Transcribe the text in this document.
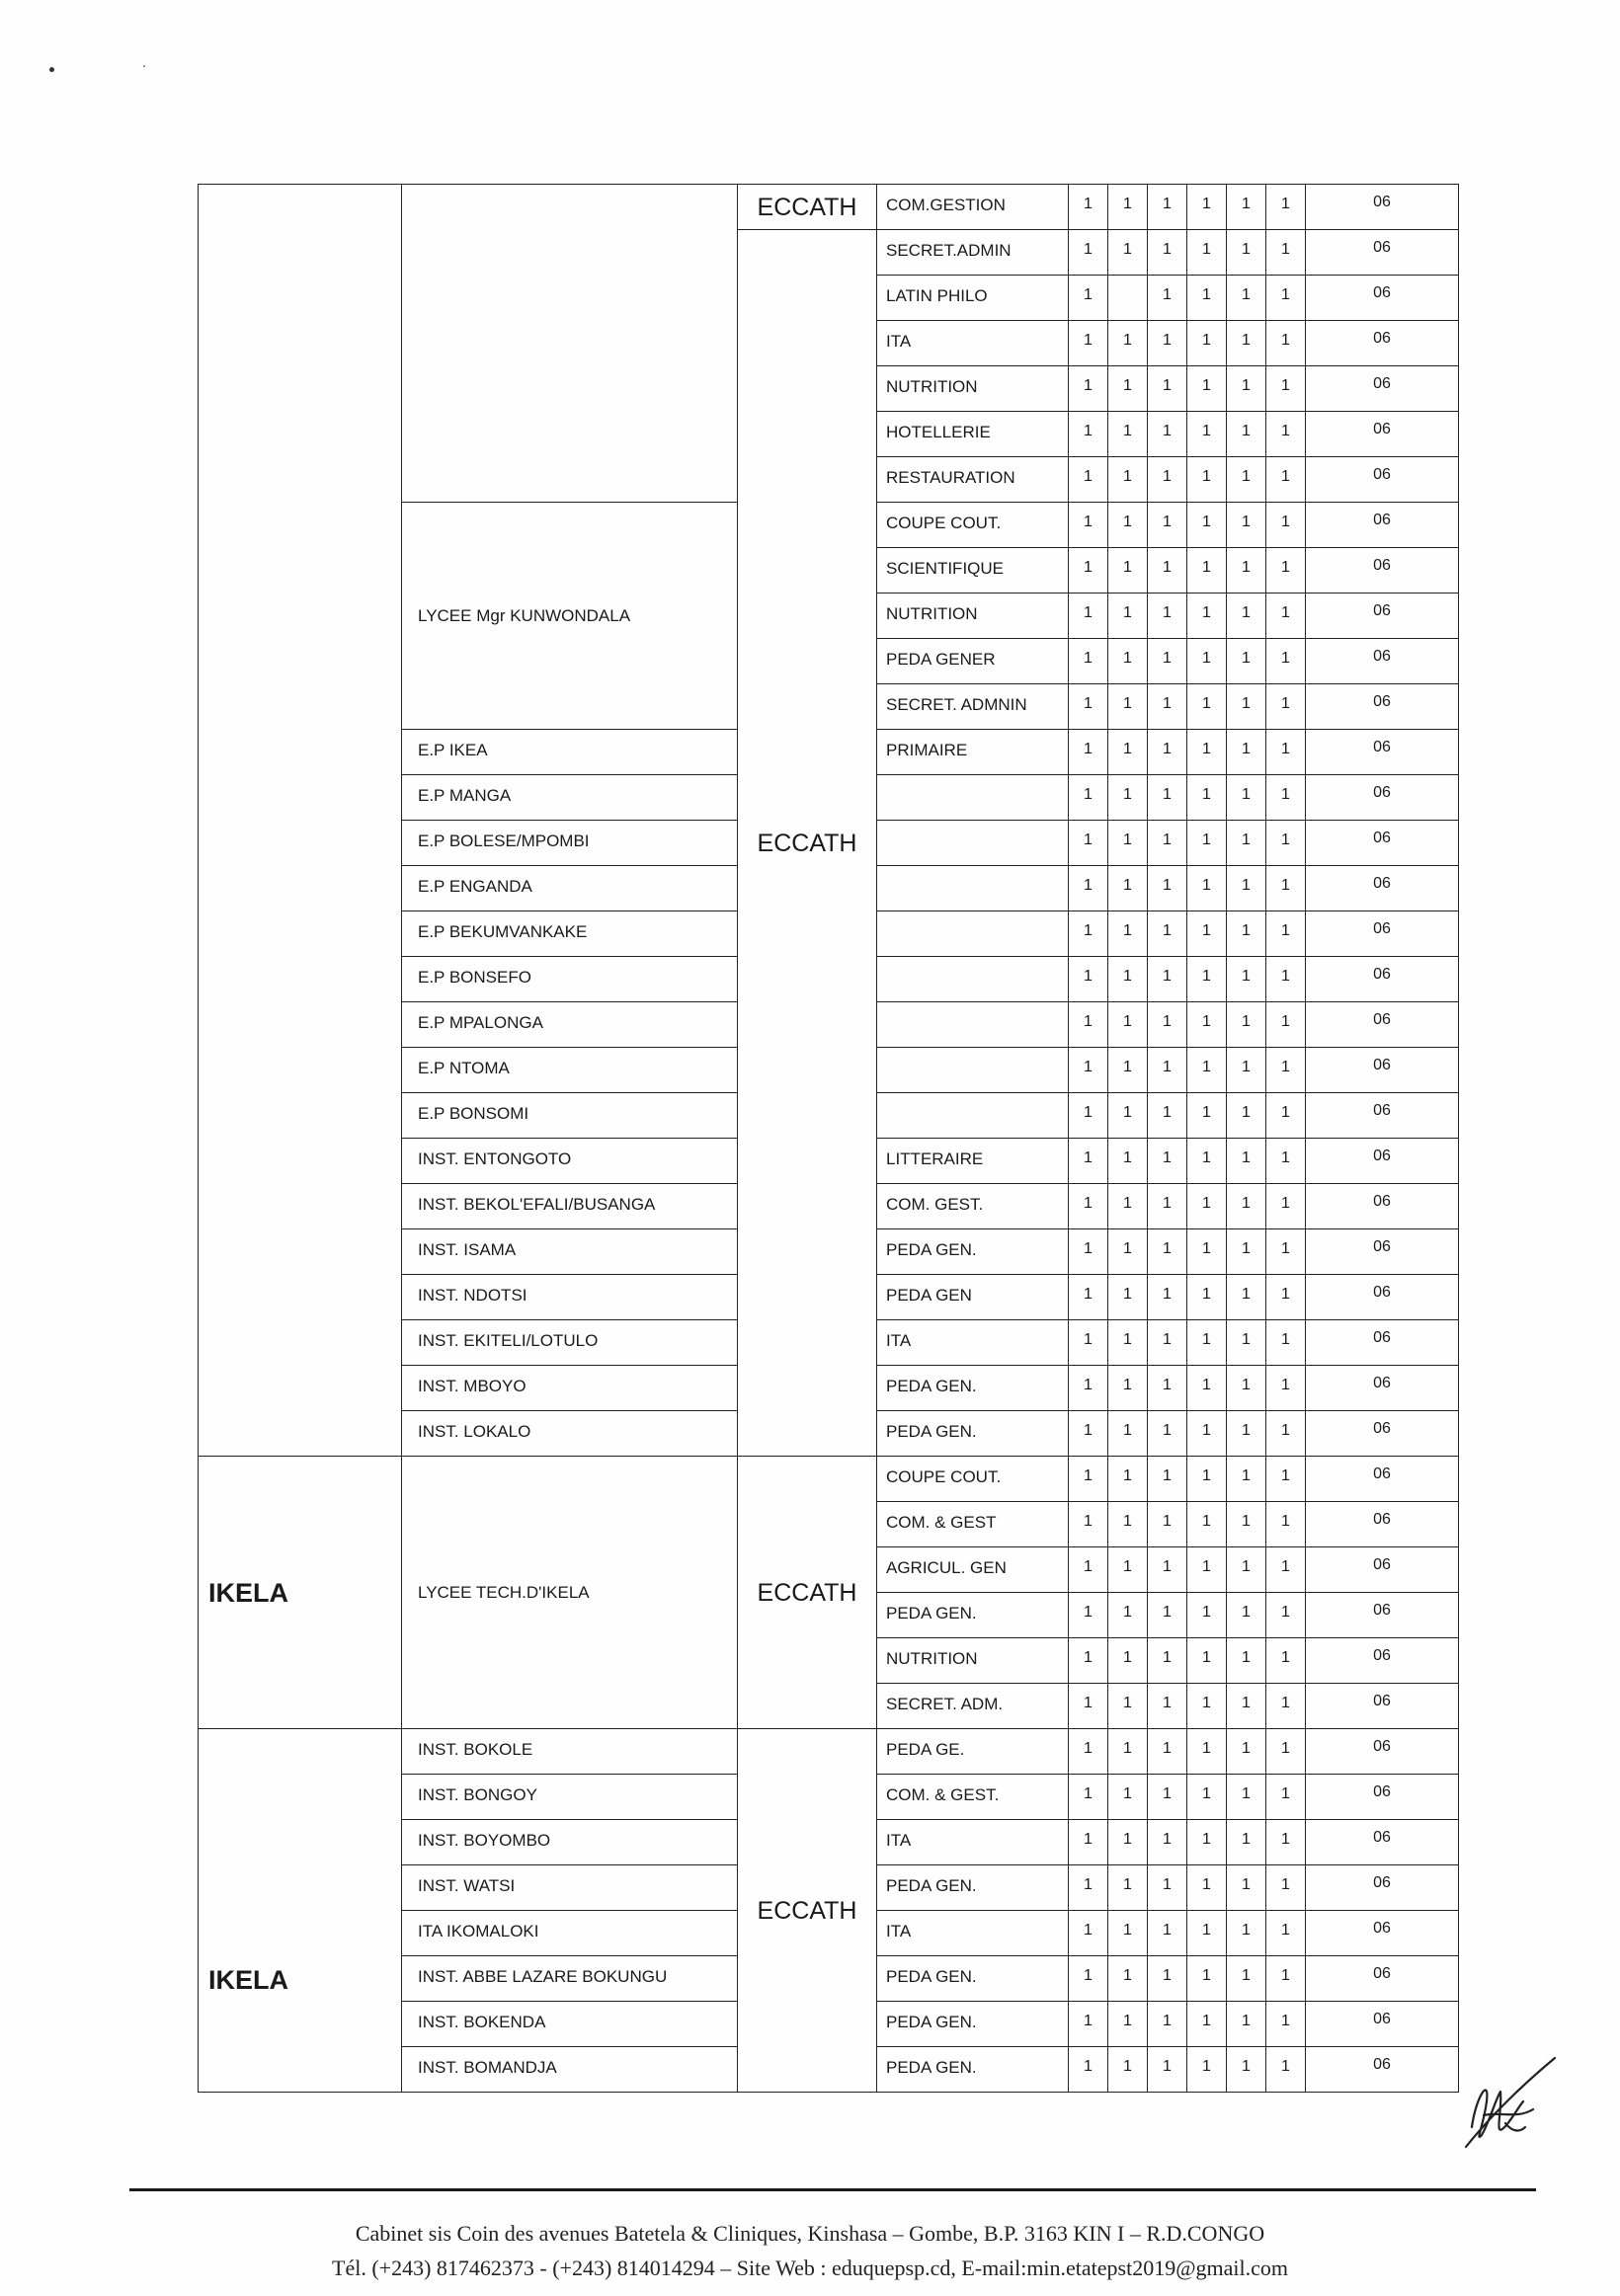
		ECCATH	COM.GESTION	1	1	1	1	1	1	06
		ECCATH	SECRET.ADMIN	1	1	1	1	1	1	06
			LATIN PHILO	1		1	1	1	1	06
			ITA	1	1	1	1	1	1	06
			NUTRITION	1	1	1	1	1	1	06
			HOTELLERIE	1	1	1	1	1	1	06
			RESTAURATION	1	1	1	1	1	1	06
	LYCEE Mgr KUNWONDALA		COUPE COUT.	1	1	1	1	1	1	06
			SCIENTIFIQUE	1	1	1	1	1	1	06
			NUTRITION	1	1	1	1	1	1	06
			PEDA GENER	1	1	1	1	1	1	06
			SECRET. ADMNIN	1	1	1	1	1	1	06
	E.P IKEA		PRIMAIRE	1	1	1	1	1	1	06
	E.P MANGA			1	1	1	1	1	1	06
	E.P BOLESE/MPOMBI			1	1	1	1	1	1	06
	E.P ENGANDA			1	1	1	1	1	1	06
	E.P BEKUMVANKAKE			1	1	1	1	1	1	06
	E.P BONSEFO			1	1	1	1	1	1	06
	E.P MPALONGA			1	1	1	1	1	1	06
	E.P NTOMA			1	1	1	1	1	1	06
	E.P BONSOMI			1	1	1	1	1	1	06
	INST. ENTONGOTO		LITTERAIRE	1	1	1	1	1	1	06
	INST. BEKOL'EFALI/BUSANGA		COM. GEST.	1	1	1	1	1	1	06
	INST. ISAMA		PEDA GEN.	1	1	1	1	1	1	06
	INST. NDOTSI		PEDA GEN	1	1	1	1	1	1	06
	INST. EKITELI/LOTULO		ITA	1	1	1	1	1	1	06
	INST. MBOYO		PEDA GEN.	1	1	1	1	1	1	06
	INST. LOKALO		PEDA GEN.	1	1	1	1	1	1	06
IKELA	LYCEE TECH.D'IKELA	ECCATH	COUPE COUT.	1	1	1	1	1	1	06
			COM. & GEST	1	1	1	1	1	1	06
			AGRICUL. GEN	1	1	1	1	1	1	06
			PEDA GEN.	1	1	1	1	1	1	06
			NUTRITION	1	1	1	1	1	1	06
			SECRET. ADM.	1	1	1	1	1	1	06
IKELA	INST. BOKOLE	ECCATH	PEDA GE.	1	1	1	1	1	1	06
	INST. BONGOY		COM. & GEST.	1	1	1	1	1	1	06
	INST. BOYOMBO		ITA	1	1	1	1	1	1	06
	INST. WATSI		PEDA GEN.	1	1	1	1	1	1	06
	ITA IKOMALOKI		ITA	1	1	1	1	1	1	06
	INST. ABBE LAZARE BOKUNGU		PEDA GEN.	1	1	1	1	1	1	06
	INST. BOKENDA		PEDA GEN.	1	1	1	1	1	1	06
	INST. BOMANDJA		PEDA GEN.	1	1	1	1	1	1	06
Cabinet sis Coin des avenues Batetela & Cliniques, Kinshasa – Gombe, B.P. 3163 KIN I – R.D.CONGO
Tél. (+243) 817462373 - (+243) 814014294 – Site Web : eduquepsp.cd, E-mail:min.etatepst2019@gmail.com
